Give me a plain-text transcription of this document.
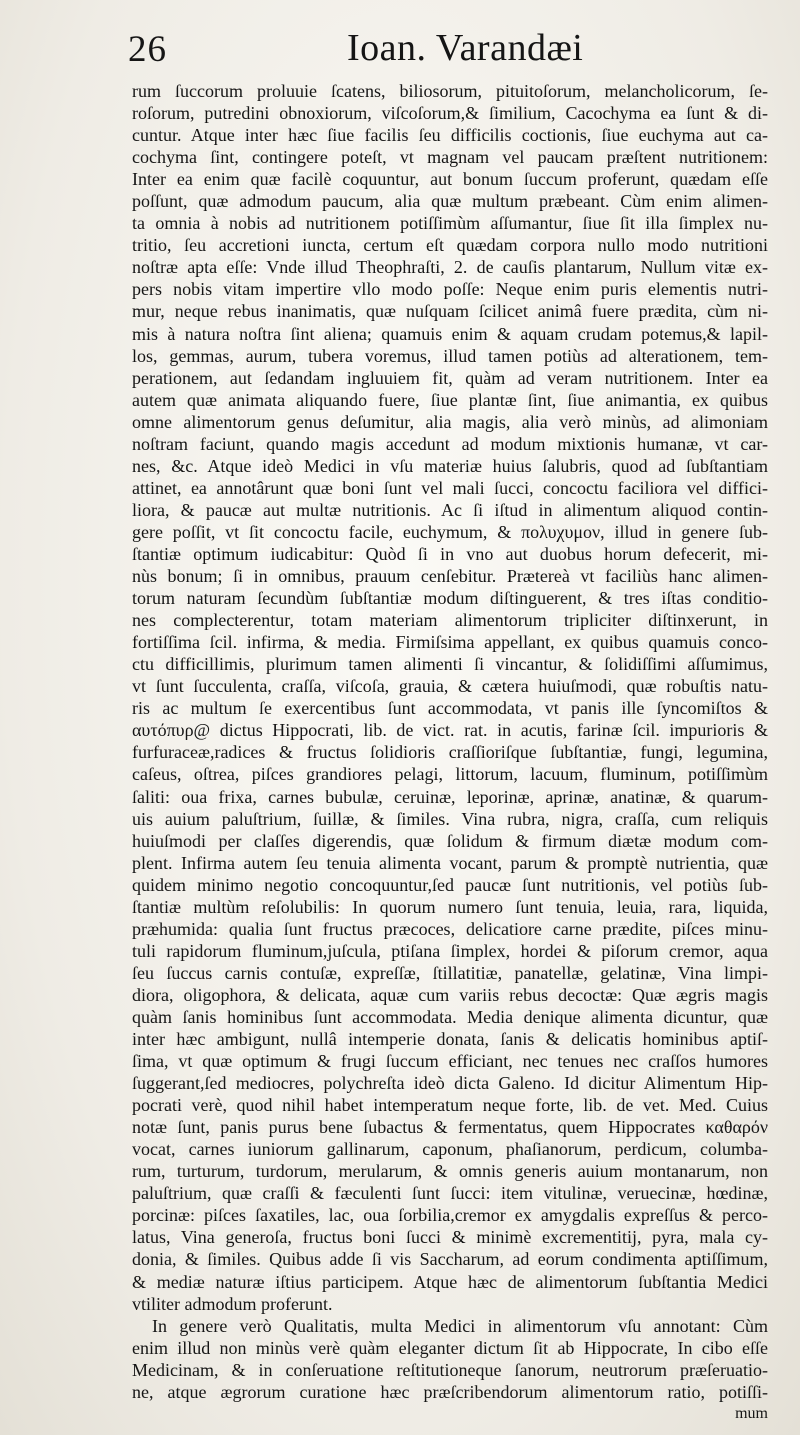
26	Ioan. Varandæi
rum ſuccorum proluuie ſcatens, biliosorum, pituitoſorum, melancholicorum, ſe-
roſorum, putredini obnoxiorum, viſcoſorum,& ſimilium, Cacochyma ea ſunt & di-
cuntur. Atque inter hæc ſiue facilis ſeu difficilis coctionis, ſiue euchyma aut ca-
cochyma ſint, contingere poteſt, vt magnam vel paucam præſtent nutritionem:
Inter ea enim quæ facilè coquuntur, aut bonum ſuccum proferunt, quædam eſſe
poſſunt, quæ admodum paucum, alia quæ multum præbeant. Cùm enim alimen-
ta omnia à nobis ad nutritionem potiſſimùm aſſumantur, ſiue ſit illa ſimplex nu-
tritio, ſeu accretioni iuncta, certum eſt quædam corpora nullo modo nutritioni
noſtræ apta eſſe: Vnde illud Theophraſti, 2. de cauſis plantarum, Nullum vitæ ex-
pers nobis vitam impertire vllo modo poſſe: Neque enim puris elementis nutri-
mur, neque rebus inanimatis, quæ nuſquam ſcilicet animâ fuere prædita, cùm ni-
mis à natura noſtra ſint aliena; quamuis enim & aquam crudam potemus,& lapil-
los, gemmas, aurum, tubera voremus, illud tamen potiùs ad alterationem, tem-
perationem, aut ſedandam ingluuiem fit, quàm ad veram nutritionem. Inter ea
autem quæ animata aliquando fuere, ſiue plantæ ſint, ſiue animantia, ex quibus
omne alimentorum genus deſumitur, alia magis, alia verò minùs, ad alimoniam
noſtram faciunt, quando magis accedunt ad modum mixtionis humanæ, vt car-
nes, &c. Atque ideò Medici in vſu materiæ huius ſalubris, quod ad ſubſtantiam
attinet, ea annotârunt quæ boni ſunt vel mali ſucci, concoctu faciliora vel diffici-
liora, & paucæ aut multæ nutritionis. Ac ſi iſtud in alimentum aliquod contin-
gere poſſit, vt ſit concoctu facile, euchymum, & πολυχυμον, illud in genere ſub-
ſtantiæ optimum iudicabitur: Quòd ſi in vno aut duobus horum defecerit, mi-
nùs bonum; ſi in omnibus, prauum cenſebitur. Prætereà vt faciliùs hanc alimen-
torum naturam ſecundùm ſubſtantiæ modum diſtinguerent, & tres iſtas conditio-
nes complecterentur, totam materiam alimentorum tripliciter diſtinxerunt, in
fortiſſima ſcil. infirma, & media. Firmiſsima appellant, ex quibus quamuis conco-
ctu difficillimis, plurimum tamen alimenti ſi vincantur, & ſolidiſſimi aſſumimus,
vt ſunt ſucculenta, craſſa, viſcoſa, grauia, & cætera huiuſmodi, quæ robuſtis natu-
ris ac multum ſe exercentibus ſunt accommodata, vt panis ille ſyncomiſtos &
αυτόπυρ@ dictus Hippocrati, lib. de vict. rat. in acutis, farinæ ſcil. impurioris &
furfuraceæ,radices & fructus ſolidioris craſſioriſque ſubſtantiæ, fungi, legumina,
caſeus, oſtrea, piſces grandiores pelagi, littorum, lacuum, fluminum, potiſſimùm
ſaliti: oua frixa, carnes bubulæ, ceruinæ, leporinæ, aprinæ, anatinæ, & quarum-
uis auium paluſtrium, ſuillæ, & ſimiles. Vina rubra, nigra, craſſa, cum reliquis
huiuſmodi per claſſes digerendis, quæ ſolidum & firmum diætæ modum com-
plent. Infirma autem ſeu tenuia alimenta vocant, parum & promptè nutrientia, quæ
quidem minimo negotio concoquuntur,ſed paucæ ſunt nutritionis, vel potiùs ſub-
ſtantiæ multùm reſolubilis: In quorum numero ſunt tenuia, leuia, rara, liquida,
præhumida: qualia ſunt fructus præcoces, delicatiore carne prædite, piſces minu-
tuli rapidorum fluminum,juſcula, ptiſana ſimplex, hordei & piſorum cremor, aqua
ſeu ſuccus carnis contuſæ, expreſſæ, ſtillatitiæ, panatellæ, gelatinæ, Vina limpi-
diora, oligophora, & delicata, aquæ cum variis rebus decoctæ: Quæ ægris magis
quàm ſanis hominibus ſunt accommodata. Media denique alimenta dicuntur, quæ
inter hæc ambigunt, nullâ intemperie donata, ſanis & delicatis hominibus aptiſ-
ſima, vt quæ optimum & frugi ſuccum efficiant, nec tenues nec craſſos humores
ſuggerant,ſed mediocres, polychreſta ideò dicta Galeno. Id dicitur Alimentum Hip-
pocrati verè, quod nihil habet intemperatum neque forte, lib. de vet. Med. Cuius
notæ ſunt, panis purus bene ſubactus & fermentatus, quem Hippocrates καθαρόν
vocat, carnes iuniorum gallinarum, caponum, phaſianorum, perdicum, columba-
rum, turturum, turdorum, merularum, & omnis generis auium montanarum, non
paluſtrium, quæ craſſi & fæculenti ſunt ſucci: item vitulinæ, veruecinæ, hœdinæ,
porcinæ: piſces ſaxatiles, lac, oua ſorbilia,cremor ex amygdalis expreſſus & perco-
latus, Vina generoſa, fructus boni ſucci & minimè excrementitij, pyra, mala cy-
donia, & ſimiles. Quibus adde ſi vis Saccharum, ad eorum condimenta aptiſſimum,
& mediæ naturæ iſtius participem. Atque hæc de alimentorum ſubſtantia Medici
vtiliter admodum proferunt.
In genere verò Qualitatis, multa Medici in alimentorum vſu annotant: Cùm
enim illud non minùs verè quàm eleganter dictum ſit ab Hippocrate, In cibo eſſe
Medicinam, & in conſeruatione reſtitutioneque ſanorum, neutrorum præſeruatio-
ne, atque ægrorum curatione hæc præſcribendorum alimentorum ratio, potiſſi-
mum
